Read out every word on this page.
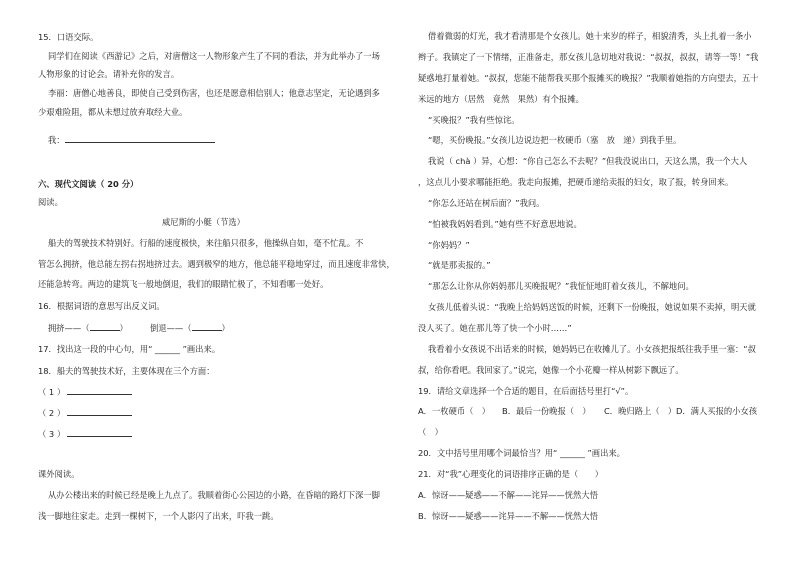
15．口语交际。
同学们在阅读《西游记》之后，对唐僧这一人物形象产生了不同的看法，并为此举办了一场
人物形象的讨论会。请补充你的发言。
李丽：唐僧心地善良，即使自己受到伤害，也还是愿意相信别人；他意志坚定，无论遇到多
少艰难险阻，都从未想过放弃取经大业。
我：
六、现代文阅读（ 20 分）
阅读。
威尼斯的小艇（节选）
船夫的驾驶技术特别好。行船的速度极快，来往船只很多，他操纵自如，毫不忙乱。不
管怎么拥挤，他总能左拐右拐地挤过去。遇到极窄的地方，他总能平稳地穿过，而且速度非常快，
还能急转弯。两边的建筑飞一般地倒退，我们的眼睛忙极了，不知看哪一处好。
16．根据词语的意思写出反义词。
拥挤——（	）	倒退——（	）
17．找出这一段的中心句，用“ ______ ”画出来。
18．船夫的驾驶技术好，主要体现在三个方面：
（ 1 ）
（ 2 ）
（ 3 ）
课外阅读。
从办公楼出来的时候已经是晚上九点了。我顺着街心公园边的小路，在昏暗的路灯下深一脚
浅一脚地往家走。走到一棵树下，一个人影闪了出来，吓我一跳。
借着微弱的灯光，我才看清那是个女孩儿。她十来岁的样子，相貌清秀，头上扎着一条小
辫子。我镇定了一下情绪，正准备走，那女孩儿急切地对我说：“叔叔，叔叔，请等一等！”我
疑惑地打量着她。“叔叔，您能不能帮我买那个报摊买的晚报？”我顺着她指的方向望去，五十
米远的地方（居然　竟然　果然）有个报摊。
“买晚报？”我有些惊诧。
“嗯，买份晚报。”女孩儿边说边把一枚硬币（塞　放　递）到我手里。
我说（ chà ）异，心想：“你自己怎么不去呢？”但我没说出口，天这么黑，我一个大人
，这点儿小要求哪能拒绝。我走向报摊，把硬币递给卖报的妇女，取了报，转身回来。
“你怎么还站在树后面？”我问。
“怕被我妈妈看到。”她有些不好意思地说。
“你妈妈？”
“就是那卖报的。”
“那怎么让你从你妈妈那儿买晚报呢？”我怔怔地盯着女孩儿，不解地问。
女孩儿低着头说：“我晚上给妈妈送饭的时候，还剩下一份晚报，她说如果不卖掉，明天就
没人买了。她在那儿等了快一个小时……”
我看着小女孩说不出话来的时候，她妈妈已在收摊儿了。小女孩把报纸往我手里一塞：“叔
叔，给你看吧。我回家了。”说完，她像一个小花瓣一样从树影下飘远了。
19．请给文章选择一个合适的题目，在后面括号里打“√”。
A．一枚硬币（　） B．最后一份晚报（　） C．晚归路上（　） D．满人买报的小女孩
（　）
20．文中括号里用哪个词最恰当？用“ ______ ”画出来。
21．对“我”心理变化的词语排序正确的是（　　）
A．惊讶——疑惑——不解——诧异——恍然大悟
B．惊讶——疑惑——诧异——不解——恍然大悟
